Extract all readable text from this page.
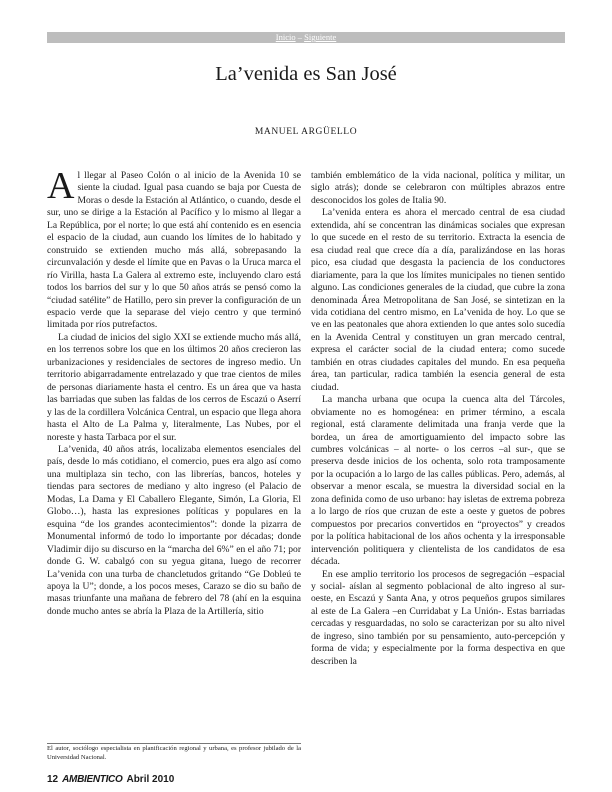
Inicio – Siguiente
La’venida es San José
MANUEL ARGÜELLO

Al llegar al Paseo Colón o al inicio de la Avenida 10 se siente la ciudad. Igual pasa cuando se baja por Cuesta de Moras o desde la Estación al Atlántico, o cuando, desde el sur, uno se dirige a la Estación al Pacífico y lo mismo al llegar a La República, por el norte; lo que está ahí contenido es en esencia el espacio de la ciudad, aun cuando los límites de lo habitado y construido se extienden mucho más allá, sobrepasando la circunvalación y desde el límite que en Pavas o la Uruca marca el río Virilla, hasta La Galera al extremo este, incluyendo claro está todos los barrios del sur y lo que 50 años atrás se pensó como la “ciudad satélite” de Hatillo, pero sin prever la configuración de un espacio verde que la separase del viejo centro y que terminó limitada por ríos putrefactos.

La ciudad de inicios del siglo XXI se extiende mucho más allá, en los terrenos sobre los que en los últimos 20 años crecieron las urbanizaciones y residenciales de sectores de ingreso medio. Un territorio abigarradamente entrelazado y que trae cientos de miles de personas diariamente hasta el centro. Es un área que va hasta las barriadas que suben las faldas de los cerros de Escazú o Aserrí y las de la cordillera Volcánica Central, un espacio que llega ahora hasta el Alto de La Palma y, literalmente, Las Nubes, por el noreste y hasta Tarbaca por el sur.

La’venida, 40 años atrás, localizaba elementos esenciales del país, desde lo más cotidiano, el comercio, pues era algo así como una multiplaza sin techo, con las librerías, bancos, hoteles y tiendas para sectores de mediano y alto ingreso (el Palacio de Modas, La Dama y El Caballero Elegante, Simón, La Gloria, El Globo…), hasta las expresiones políticas y populares en la esquina “de los grandes acontecimientos”: donde la pizarra de Monumental informó de todo lo importante por décadas; donde Vladimir dijo su discurso en la “marcha del 6%” en el año 71; por donde G. W. cabalgó con su yegua gitana, luego de recorrer La’venida con una turba de chancletudos gritando “Ge Dobleú te apoya la U”; donde, a los pocos meses, Carazo se dio su baño de masas triunfante una mañana de febrero del 78 (ahí en la esquina donde mucho antes se abría la Plaza de la Artillería, sitio

también emblemático de la vida nacional, política y militar, un siglo atrás); donde se celebraron con múltiples abrazos entre desconocidos los goles de Italia 90.

La’venida entera es ahora el mercado central de esa ciudad extendida, ahí se concentran las dinámicas sociales que expresan lo que sucede en el resto de su territorio. Extracta la esencia de esa ciudad real que crece día a día, paralizándose en las horas pico, esa ciudad que desgasta la paciencia de los conductores diariamente, para la que los límites municipales no tienen sentido alguno. Las condiciones generales de la ciudad, que cubre la zona denominada Área Metropolitana de San José, se sintetizan en la vida cotidiana del centro mismo, en La’venida de hoy. Lo que se ve en las peatonales que ahora extienden lo que antes solo sucedía en la Avenida Central y constituyen un gran mercado central, expresa el carácter social de la ciudad entera; como sucede también en otras ciudades capitales del mundo. En esa pequeña área, tan particular, radica también la esencia general de esta ciudad.

La mancha urbana que ocupa la cuenca alta del Tárcoles, obviamente no es homogénea: en primer término, a escala regional, está claramente delimitada una franja verde que la bordea, un área de amortiguamiento del impacto sobre las cumbres volcánicas – al norte- o los cerros –al sur-, que se preserva desde inicios de los ochenta, solo rota tramposamente por la ocupación a lo largo de las calles públicas. Pero, además, al observar a menor escala, se muestra la diversidad social en la zona definida como de uso urbano: hay isletas de extrema pobreza a lo largo de ríos que cruzan de este a oeste y guetos de pobres compuestos por precarios convertidos en “proyectos” y creados por la política habitacional de los años ochenta y la irresponsable intervención politiquera y clientelista de los candidatos de esa década.

En ese amplio territorio los procesos de segregación –espacial y social- aíslan al segmento poblacional de alto ingreso al sur-oeste, en Escazú y Santa Ana, y otros pequeños grupos similares al este de La Galera –en Curridabat y La Unión-. Estas barriadas cercadas y resguardadas, no solo se caracterizan por su alto nivel de ingreso, sino también por su pensamiento, auto-percepción y forma de vida; y especialmente por la forma despectiva en que describen la

El autor, sociólogo especialista en planificación regional y urbana, es profesor jubilado de la Universidad Nacional.
12 AMBIENTICO Abril 2010
